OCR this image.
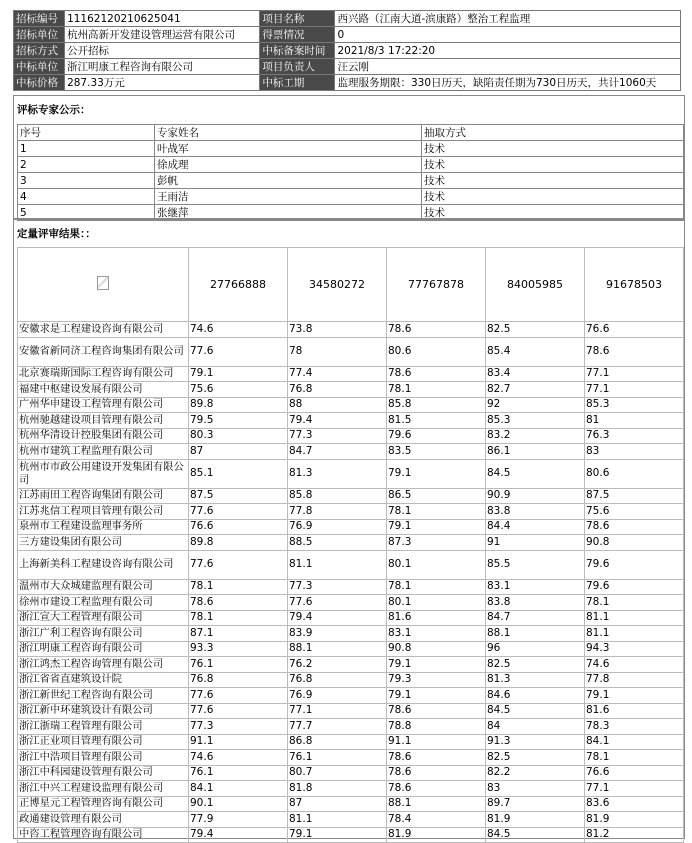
招标编号	111621202106250​41	项目名称	西兴路（江南大道-滨康路）整治工程监理
招标单位	杭州高新开发建设管理运营有限公司	得票情况	0
招标方式	公开招标	中标备案时间	2021/8/3 17:22:20
中标单位	浙江明康工程咨询有限公司	项目负责人	汪云刚
中标价格	287.33万元	中标工期	监理服务期限：330日历天，缺陷责任期为730日历天，共计1060天
评标专家公示：
序号	专家姓名	抽取方式
1	叶战军	技术
2	徐成理	技术
3	彭帆	技术
4	王雨洁	技术
5	张继萍	技术
定量评审结果：：
	27766888	34580272	77767878	84005985	91678503
安徽求是工程建设咨询有限公司	74.6	73.8	78.6	82.5	76.6
安徽省新同济工程咨询集团有限公司	77.6	78	80.6	85.4	78.6
北京赛瑞斯国际工程咨询有限公司	79.1	77.4	78.6	83.4	77.1
福建中枢建设发展有限公司	75.6	76.8	78.1	82.7	77.1
广州华申建设工程管理有限公司	89.8	88	85.8	92	85.3
杭州驰越建设项目管理有限公司	79.5	79.4	81.5	85.3	81
杭州华清设计控股集团有限公司	80.3	77.3	79.6	83.2	76.3
杭州市建筑工程监理有限公司	87	84.7	83.5	86.1	83
杭州市市政公用建设开发集团有限公司	85.1	81.3	79.1	84.5	80.6
江苏雨田工程咨询集团有限公司	87.5	85.8	86.5	90.9	87.5
江苏兆信工程项目管理有限公司	77.6	77.8	78.1	83.8	75.6
泉州市工程建设监理事务所	76.6	76.9	79.1	84.4	78.6
三方建设集团有限公司	89.8	88.5	87.3	91	90.8
上海新美科工程建设咨询有限公司	77.6	81.1	80.1	85.5	79.6
温州市大众城建监理有限公司	78.1	77.3	78.1	83.1	79.6
徐州市建设工程监理有限公司	78.6	77.6	80.1	83.8	78.1
浙江宣大工程管理有限公司	78.1	79.4	81.6	84.7	81.1
浙江广利工程咨询有限公司	87.1	83.9	83.1	88.1	81.1
浙江明康工程咨询有限公司	93.3	88.1	90.8	96	94.3
浙江鸿杰工程咨询管理有限公司	76.1	76.2	79.1	82.5	74.6
浙江省省直建筑设计院	76.8	76.8	79.3	81.3	77.8
浙江新世纪工程咨询有限公司	77.6	76.9	79.1	84.6	79.1
浙江新中环建筑设计有限公司	77.6	77.1	78.6	84.5	81.6
浙江浙瑞工程管理有限公司	77.3	77.7	78.8	84	78.3
浙江正业项目管理有限公司	91.1	86.8	91.1	91.3	84.1
浙江中浩项目管理有限公司	74.6	76.1	78.6	82.5	78.1
浙江中科园建设管理有限公司	76.1	80.7	78.6	82.2	76.6
浙江中兴工程建设监理有限公司	84.1	81.8	78.6	83	77.1
正博星元工程管理咨询有限公司	90.1	87	88.1	89.7	83.6
政通建设管理有限公司	77.9	81.1	78.4	81.9	81.9
中咨工程管理咨询有限公司	79.4	79.1	81.9	84.5	81.2
